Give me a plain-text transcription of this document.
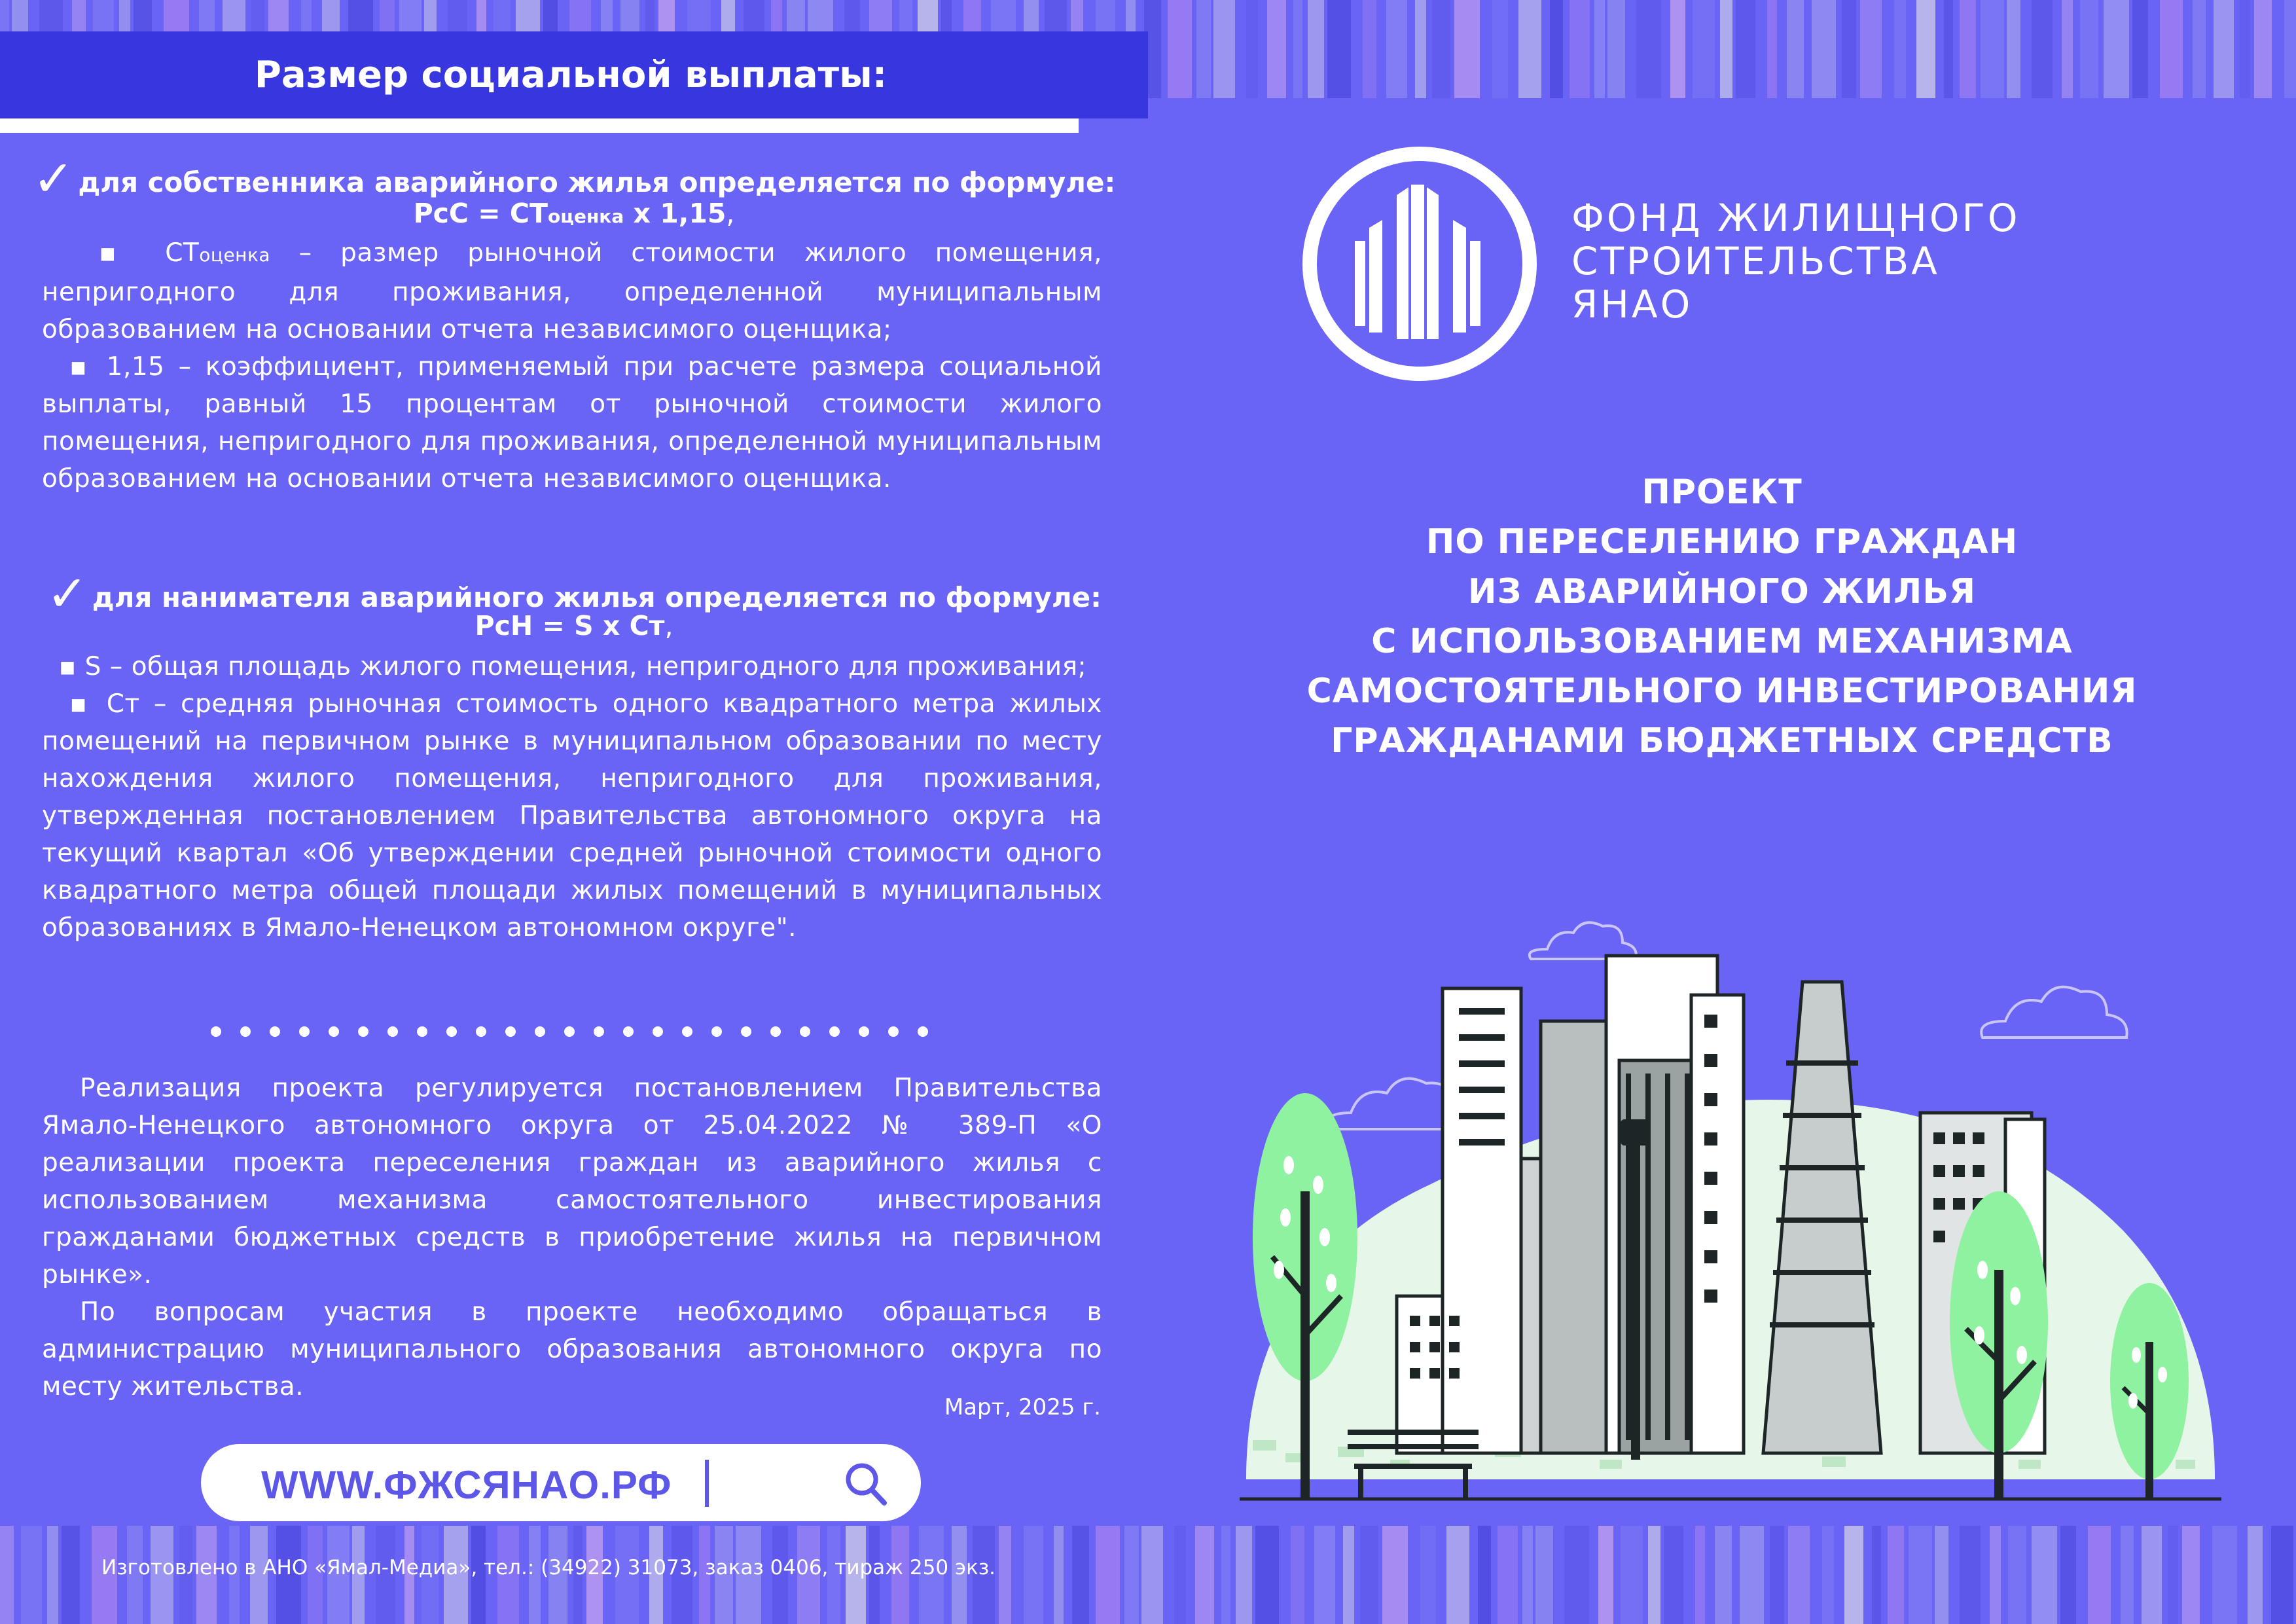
Размер социальной выплаты:
✓ для собственника аварийного жилья определяется по формуле:
РсС = СТоценка х 1,15,

▪ СТоценка – размер рыночной стоимости жилого помещения, непригодного для проживания, определенной муниципальным образованием на основании отчета независимого оценщика;

▪ 1,15 – коэффициент, применяемый при расчете размера социальной выплаты, равный 15 процентам от рыночной стоимости жилого помещения, непригодного для проживания, определенной муниципальным образованием на основании отчета независимого оценщика.

✓ для нанимателя аварийного жилья определяется по формуле:
РсН = S х Ст,

▪ S – общая площадь жилого помещения, непригодного для проживания;

▪ Ст – средняя рыночная стоимость одного квадратного метра жилых помещений на первичном рынке в муниципальном образовании по месту нахождения жилого помещения, непригодного для проживания, утвержденная постановлением Правительства автономного округа на текущий квартал «Об утверждении средней рыночной стоимости одного квадратного метра общей площади жилых помещений в муниципальных образованиях в Ямало-Ненецком автономном округе".

Реализация проекта регулируется постановлением Правительства Ямало-Ненецкого автономного округа от 25.04.2022 № 389-П «О реализации проекта переселения граждан из аварийного жилья с использованием механизма самостоятельного инвестирования гражданами бюджетных средств в приобретение жилья на первичном рынке».

По вопросам участия в проекте необходимо обращаться в администрацию муниципального образования автономного округа по месту жительства.

Март, 2025 г.
WWW.ФЖСЯНАО.РФ
Изготовлено в АНО «Ямал-Медиа», тел.: (34922) 31073, заказ 0406, тираж 250 экз.
ФОНД ЖИЛИЩНОГО
СТРОИТЕЛЬСТВА
ЯНАО
ПРОЕКТ
ПО ПЕРЕСЕЛЕНИЮ ГРАЖДАН
ИЗ АВАРИЙНОГО ЖИЛЬЯ
С ИСПОЛЬЗОВАНИЕМ МЕХАНИЗМА
САМОСТОЯТЕЛЬНОГО ИНВЕСТИРОВАНИЯ
ГРАЖДАНАМИ БЮДЖЕТНЫХ СРЕДСТВ
